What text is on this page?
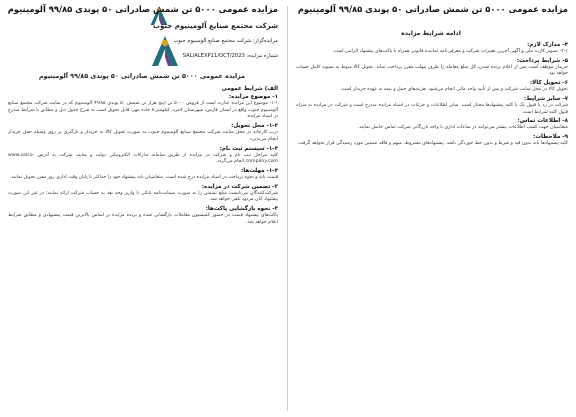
مزایده عمومی ۵۰۰۰ تن شمش صادراتی ۵۰ پوندی ۹۹/۸۵ آلومینیوم
شرکت مجتمع صنایع آلومینیوم جنوب
مزایده‌گزار: شرکت مجتمع صنایع آلومینیوم جنوب
شماره مزایده: SAL/ALEXP11/OCT/2023
مزایده عمومی ۵۰۰۰ تن شمش صادراتی ۵۰ پوندی ۹۹/۸۵ آلومینیوم
الف) شرایط عمومی
۱- موضوع مزایده:
۱-۱- موضوع این مزایده عبارت است از فروش ۵۰۰۰ تن (پنج هزار تن شمش ۵۰ پوندی ۹۹/۸۵ آلومینیوم که در سایت شرکت مجتمع صنایع آلومینیوم جنوب واقع در استان فارس، شهرستان لامرد، کیلومتر ۸ جاده مهر، قابل تحویل است به شرح جدول ذیل و مطابق با شرایط مندرج در اسناد مزایده.
۱-۲- محل تحویل:
درب کارخانه در محل سایت شرکت مجتمع صنایع آلومینیوم جنوب به صورت تحویل کالا به خریدار و بارگیری بر روی وسیله حمل خریدار انجام می‌پذیرد.
۱-۳- سیستم ثبت نام:
کلیه مراحل ثبت نام و شرکت در مزایده از طریق سامانه تدارکات الکترونیکی دولت و سایت شرکت به آدرس www.salco-company.com انجام می‌گردد.
۱-۴- مهلت‌ها:
قیمت پایه و نحوه پرداخت در اسناد مزایده درج شده است. متقاضیان باید پیشنهاد خود را حداکثر تا پایان وقت اداری روز مقرر تحویل نمایند.
۲- تضمین شرکت در مزایده:
شرکت‌کنندگان می‌بایست مبلغ تضمین را به صورت ضمانت‌نامه بانکی یا واریز وجه نقد به حساب شرکت ارائه نمایند؛ در غیر این صورت پیشنهاد آنان مردود تلقی خواهد شد.
۳- نحوه بازگشایی پاکت‌ها:
پاکت‌های پیشنهاد قیمت در حضور کمیسیون معاملات بازگشایی شده و برنده مزایده بر اساس بالاترین قیمت پیشنهادی و مطابق شرایط اعلام خواهد شد.
مزایده عمومی ۵۰۰۰ تن شمش صادراتی ۵۰ پوندی ۹۹/۸۵ آلومینیوم
ادامه شرایط مزایده
۴- مدارک لازم:
۴-۱- تصویر کارت ملی و آگهی آخرین تغییرات شرکت و معرفی‌نامه نماینده قانونی همراه با پاکت‌های پیشنهاد الزامی است.
۵- شرایط پرداخت:
خریدار موظف است پس از اعلام برنده شدن، کل مبلغ معامله را ظرف مهلت مقرر پرداخت نماید. تحویل کالا منوط به تسویه کامل حساب خواهد بود.
۶- تحویل کالا:
تحویل کالا در محل سایت شرکت و پس از تأیید واحد مالی انجام می‌شود. هزینه‌های حمل و بیمه به عهده خریدار است.
۷- سایر شرایط:
شرکت در رد یا قبول یک یا کلیه پیشنهادها مختار است. سایر اطلاعات و جزئیات در اسناد مزایده مندرج است و شرکت در مزایده به منزله قبول کلیه شرایط است.
۸- اطلاعات تماس:
متقاضیان جهت کسب اطلاعات بیشتر می‌توانند در ساعات اداری با واحد بازرگانی شرکت تماس حاصل نمایند.
۹- ملاحظات:
کلیه پیشنهادها باید بدون قید و شرط و بدون خط خوردگی باشد. پیشنهادهای مشروط، مبهم و فاقد تضمین مورد رسیدگی قرار نخواهد گرفت.
